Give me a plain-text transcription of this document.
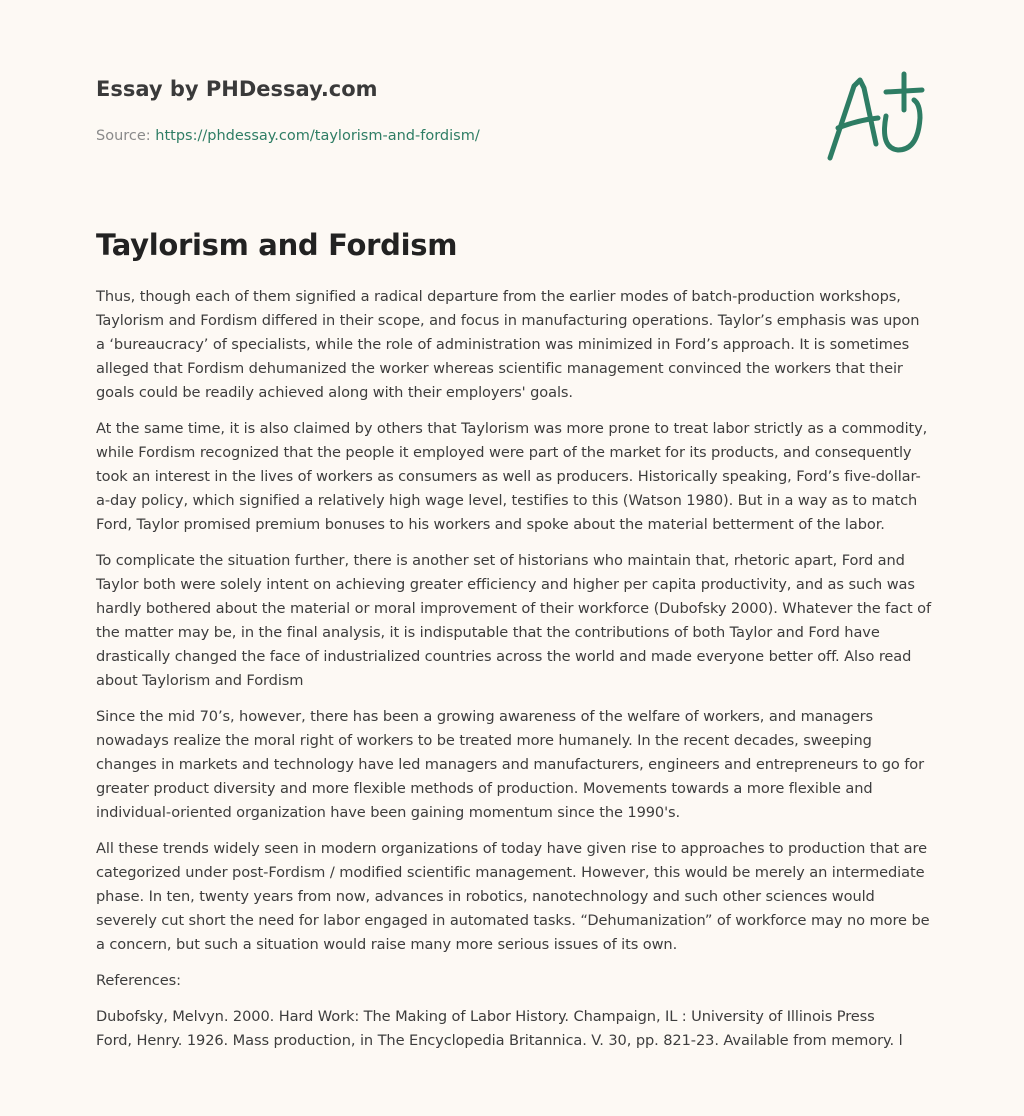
Essay by PHDessay.com

Source: https://phdessay.com/taylorism-and-fordism/
Taylorism and Fordism

Thus, though each of them signified a radical departure from the earlier modes of batch-production workshops, Taylorism and Fordism differed in their scope, and focus in manufacturing operations. Taylor’s emphasis was upon a ‘bureaucracy’ of specialists, while the role of administration was minimized in Ford’s approach. It is sometimes alleged that Fordism dehumanized the worker whereas scientific management convinced the workers that their goals could be readily achieved along with their employers' goals.

At the same time, it is also claimed by others that Taylorism was more prone to treat labor strictly as a commodity, while Fordism recognized that the people it employed were part of the market for its products, and consequently took an interest in the lives of workers as consumers as well as producers. Historically speaking, Ford’s five-dollar-a-day policy, which signified a relatively high wage level, testifies to this (Watson 1980). But in a way as to match Ford, Taylor promised premium bonuses to his workers and spoke about the material betterment of the labor.

To complicate the situation further, there is another set of historians who maintain that, rhetoric apart, Ford and Taylor both were solely intent on achieving greater efficiency and higher per capita productivity, and as such was hardly bothered about the material or moral improvement of their workforce (Dubofsky 2000). Whatever the fact of the matter may be, in the final analysis, it is indisputable that the contributions of both Taylor and Ford have drastically changed the face of industrialized countries across the world and made everyone better off. Also read about Taylorism and Fordism

Since the mid 70’s, however, there has been a growing awareness of the welfare of workers, and managers nowadays realize the moral right of workers to be treated more humanely. In the recent decades, sweeping changes in markets and technology have led managers and manufacturers, engineers and entrepreneurs to go for greater product diversity and more flexible methods of production. Movements towards a more flexible and individual-oriented organization have been gaining momentum since the 1990's.

All these trends widely seen in modern organizations of today have given rise to approaches to production that are categorized under post-Fordism / modified scientific management. However, this would be merely an intermediate phase. In ten, twenty years from now, advances in robotics, nanotechnology and such other sciences would severely cut short the need for labor engaged in automated tasks. “Dehumanization” of workforce may no more be a concern, but such a situation would raise many more serious issues of its own.

References:

Dubofsky, Melvyn. 2000. Hard Work: The Making of Labor History. Champaign, IL : University of Illinois Press

Ford, Henry. 1926. Mass production, in The Encyclopedia Britannica. V. 30, pp. 821-23. Available from memory. l
